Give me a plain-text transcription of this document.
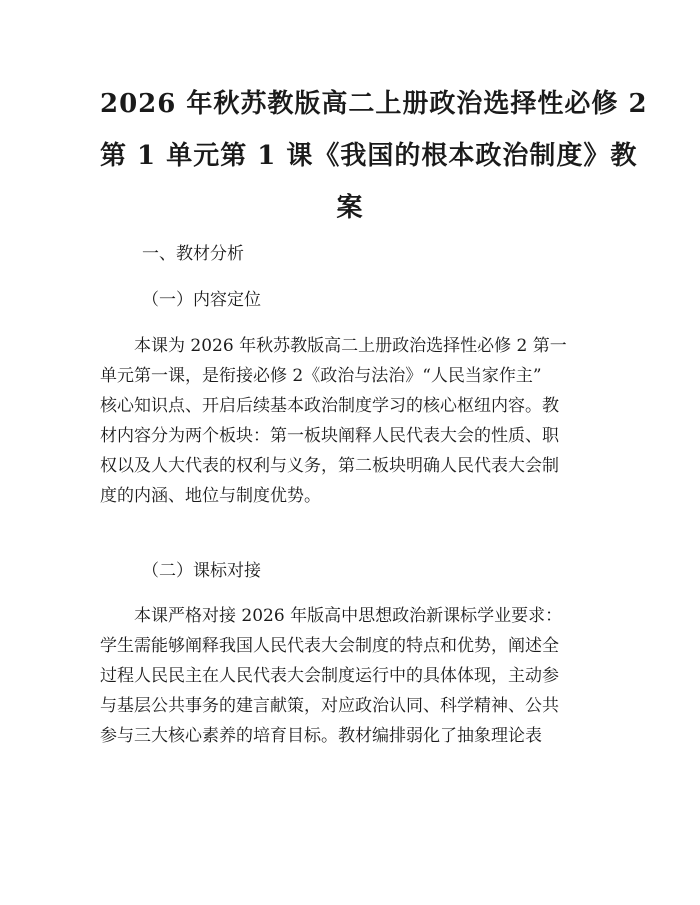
2026 年秋苏教版高二上册政治选择性必修 2
第 1 单元第 1 课《我国的根本政治制度》教
案
一、教材分析
（一）内容定位
　　本课为 2026 年秋苏教版高二上册政治选择性必修 2 第一
单元第一课，是衔接必修 2《政治与法治》“人民当家作主”
核心知识点、开启后续基本政治制度学习的核心枢纽内容。教
材内容分为两个板块：第一板块阐释人民代表大会的性质、职
权以及人大代表的权利与义务，第二板块明确人民代表大会制
度的内涵、地位与制度优势。
（二）课标对接
　　本课严格对接 2026 年版高中思想政治新课标学业要求：
学生需能够阐释我国人民代表大会制度的特点和优势，阐述全
过程人民民主在人民代表大会制度运行中的具体体现，主动参
与基层公共事务的建言献策，对应政治认同、科学精神、公共
参与三大核心素养的培育目标。教材编排弱化了抽象理论表
